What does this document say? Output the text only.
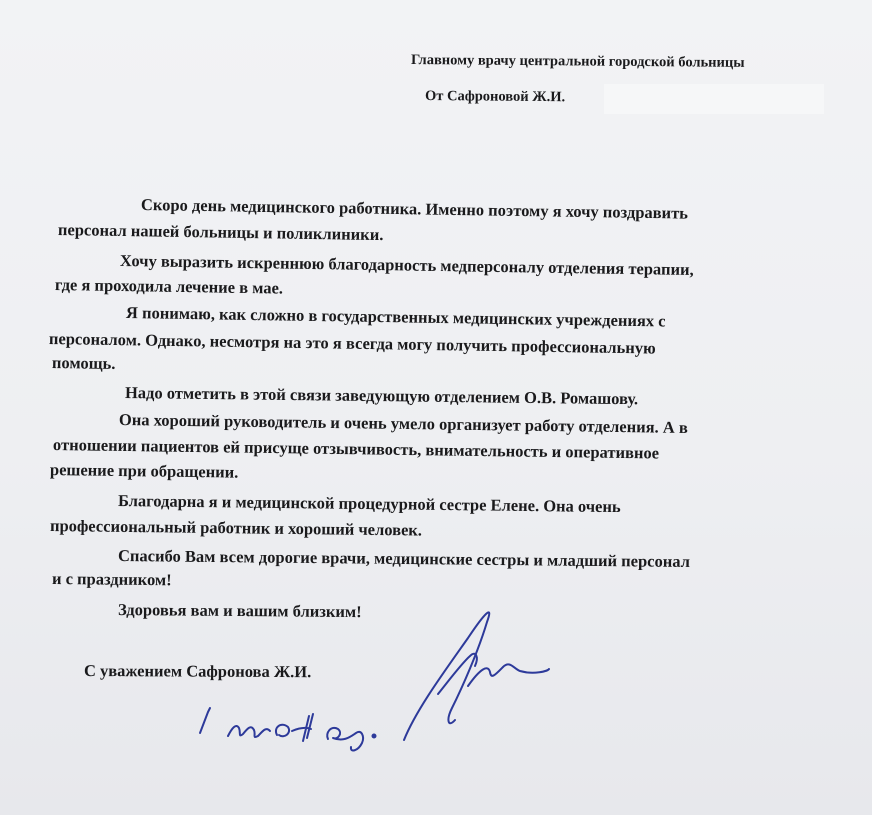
Главному врачу центральной городской больницы
От Сафроновой Ж.И.
Скоро день медицинского работника. Именно поэтому я хочу поздравить
персонал нашей больницы и поликлиники.
Хочу выразить искреннюю благодарность медперсоналу отделения терапии,
где я проходила лечение в мае.
Я понимаю, как сложно в государственных медицинских учреждениях с
персоналом. Однако, несмотря на это я всегда могу получить профессиональную
помощь.
Надо отметить в этой связи заведующую отделением О.В. Ромашову.
Она хороший руководитель и очень умело организует работу отделения. А в
отношении пациентов ей присуще отзывчивость, внимательность и оперативное
решение при обращении.
Благодарна я и медицинской процедурной сестре Елене. Она очень
профессиональный работник и хороший человек.
Спасибо Вам всем дорогие врачи, медицинские сестры и младший персонал
и с праздником!
Здоровья вам и вашим близким!
С уважением Сафронова Ж.И.
